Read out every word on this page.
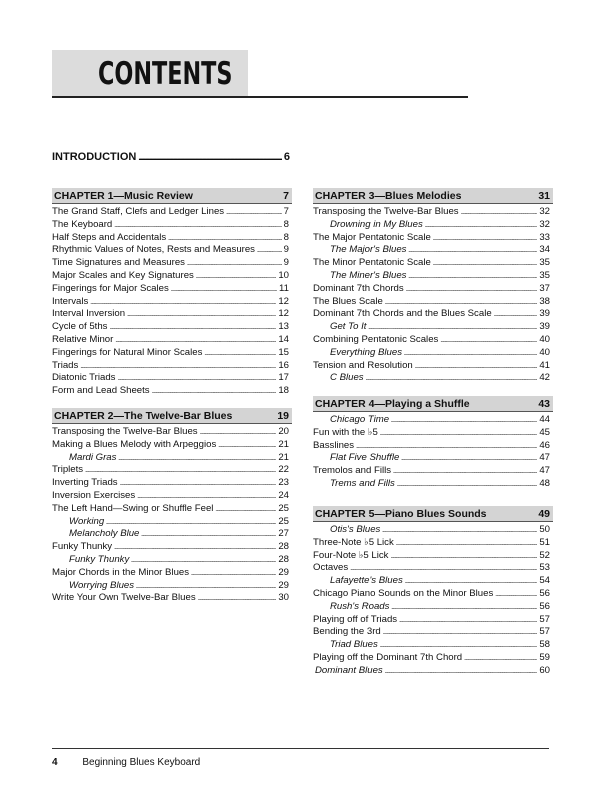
CONTENTS
INTRODUCTION . . .	6
CHAPTER 1—Music Review	7
The Grand Staff, Clefs and Ledger Lines . . .	7
The Keyboard . . .	8
Half Steps and Accidentals . . .	8
Rhythmic Values of Notes, Rests and Measures . . .	9
Time Signatures and Measures . . .	9
Major Scales and Key Signatures . . .	10
Fingerings for Major Scales . . .	11
Intervals . . .	12
Interval Inversion . . .	12
Cycle of 5ths . . .	13
Relative Minor . . .	14
Fingerings for Natural Minor Scales . . .	15
Triads . . .	16
Diatonic Triads . . .	17
Form and Lead Sheets . . .	18
CHAPTER 2—The Twelve-Bar Blues	19
Transposing the Twelve-Bar Blues . . .	20
Making a Blues Melody with Arpeggios . . .	21
Mardi Gras . . .	21
Triplets . . .	22
Inverting Triads . . .	23
Inversion Exercises . . .	24
The Left Hand—Swing or Shuffle Feel . . .	25
Working . . .	25
Melancholy Blue . . .	27
Funky Thunky . . .	28
Funky Thunky . . .	28
Major Chords in the Minor Blues . . .	29
Worrying Blues . . .	29
Write Your Own Twelve-Bar Blues . . .	30
CHAPTER 3—Blues Melodies	31
Transposing the Twelve-Bar Blues . . .	32
Drowning in My Blues . . .	32
The Major Pentatonic Scale . . .	33
The Major's Blues . . .	34
The Minor Pentatonic Scale . . .	35
The Miner's Blues . . .	35
Dominant 7th Chords . . .	37
The Blues Scale . . .	38
Dominant 7th Chords and the Blues Scale . . .	39
Get To It . . .	39
Combining Pentatonic Scales . . .	40
Everything Blues . . .	40
Tension and Resolution . . .	41
C Blues . . .	42
CHAPTER 4—Playing a Shuffle	43
Chicago Time . . .	44
Fun with the ♭5 . . .	45
Basslines . . .	46
Flat Five Shuffle . . .	47
Tremolos and Fills . . .	47
Trems and Fills . . .	48
CHAPTER 5—Piano Blues Sounds	49
Otis's Blues . . .	50
Three-Note ♭5 Lick . . .	51
Four-Note ♭5 Lick . . .	52
Octaves . . .	53
Lafayette's Blues . . .	54
Chicago Piano Sounds on the Minor Blues . . .	56
Rush's Roads . . .	56
Playing off of Triads . . .	57
Bending the 3rd . . .	57
Triad Blues . . .	58
Playing off the Dominant 7th Chord . . .	59
Dominant Blues . . .	60
4 Beginning Blues Keyboard
